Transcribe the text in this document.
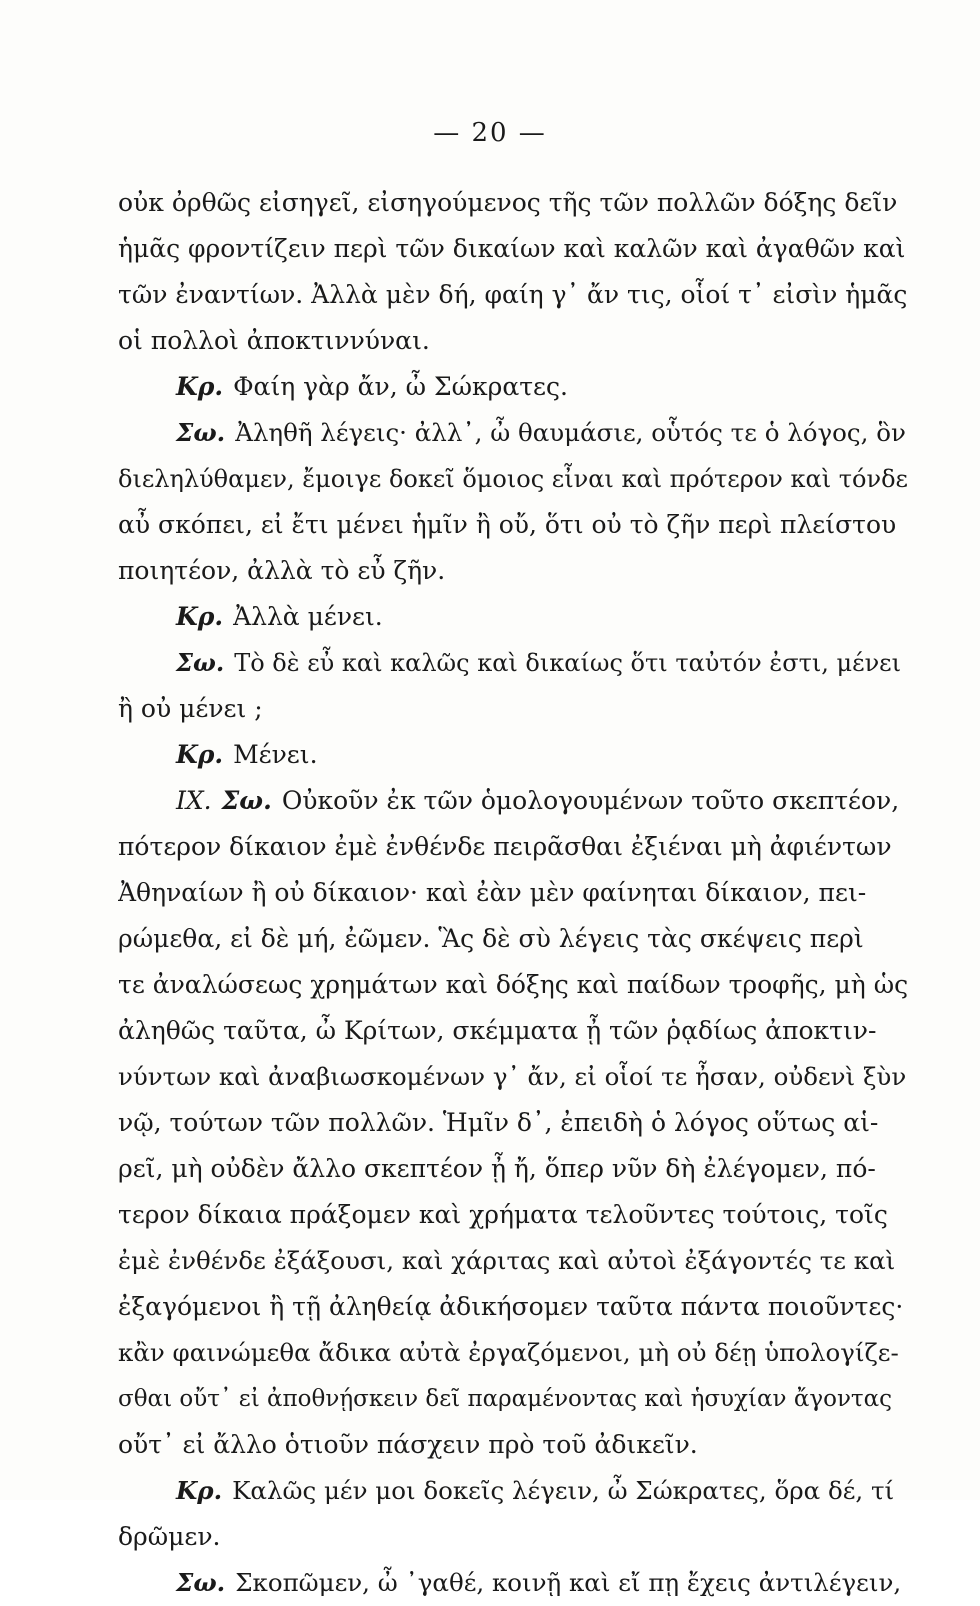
— 20 —
οὐκ ὀρθῶς εἰσηγεῖ, εἰσηγούμενος τῆς τῶν πολλῶν δόξης δεῖν
ἡμᾶς φροντίζειν περὶ τῶν δικαίων καὶ καλῶν καὶ ἀγαθῶν καὶ
τῶν ἐναντίων. Ἀλλὰ μὲν δή, φαίη γ᾽ ἄν τις, οἷοί τ᾽ εἰσὶν ἡμᾶς
οἱ πολλοὶ ἀποκτιννύναι.
Κρ. Φαίη γὰρ ἄν, ὦ Σώκρατες.
Σω. Ἀληθῆ λέγεις· ἀλλ᾽, ὦ θαυμάσιε, οὗτός τε ὁ λόγος, ὃν
διεληλύθαμεν, ἔμοιγε δοκεῖ ὅμοιος εἶναι καὶ πρότερον καὶ τόνδε
αὖ σκόπει, εἰ ἔτι μένει ἡμῖν ἢ οὔ, ὅτι οὐ τὸ ζῆν περὶ πλείστου
ποιητέον, ἀλλὰ τὸ εὖ ζῆν.
Κρ. Ἀλλὰ μένει.
Σω. Τὸ δὲ εὖ καὶ καλῶς καὶ δικαίως ὅτι ταὐτόν ἐστι, μένει
ἢ οὐ μένει ;
Κρ. Μένει.
IX. Σω. Οὐκοῦν ἐκ τῶν ὁμολογουμένων τοῦτο σκεπτέον,
πότερον δίκαιον ἐμὲ ἐνθένδε πειρᾶσθαι ἐξιέναι μὴ ἀφιέντων
Ἀθηναίων ἢ οὐ δίκαιον· καὶ ἐὰν μὲν φαίνηται δίκαιον, πει-
ρώμεθα, εἰ δὲ μή, ἐῶμεν. Ἃς δὲ σὺ λέγεις τὰς σκέψεις περὶ
τε ἀναλώσεως χρημάτων καὶ δόξης καὶ παίδων τροφῆς, μὴ ὡς
ἀληθῶς ταῦτα, ὦ Κρίτων, σκέμματα ᾖ τῶν ῥᾳδίως ἀποκτιν-
νύντων καὶ ἀναβιωσκομένων γ᾽ ἄν, εἰ οἷοί τε ἦσαν, οὐδενὶ ξὺν
νῷ, τούτων τῶν πολλῶν. Ἡμῖν δ᾽, ἐπειδὴ ὁ λόγος οὕτως αἱ-
ρεῖ, μὴ οὐδὲν ἄλλο σκεπτέον ᾖ ἤ, ὅπερ νῦν δὴ ἐλέγομεν, πό-
τερον δίκαια πράξομεν καὶ χρήματα τελοῦντες τούτοις, τοῖς
ἐμὲ ἐνθένδε ἐξάξουσι, καὶ χάριτας καὶ αὐτοὶ ἐξάγοντές τε καὶ
ἐξαγόμενοι ἢ τῇ ἀληθείᾳ ἀδικήσομεν ταῦτα πάντα ποιοῦντες·
κἂν φαινώμεθα ἄδικα αὐτὰ ἐργαζόμενοι, μὴ οὐ δέῃ ὑπολογίζε-
σθαι οὔτ᾽ εἰ ἀποθνῄσκειν δεῖ παραμένοντας καὶ ἡσυχίαν ἄγοντας
οὔτ᾽ εἰ ἄλλο ὁτιοῦν πάσχειν πρὸ τοῦ ἀδικεῖν.
Κρ. Καλῶς μέν μοι δοκεῖς λέγειν, ὦ Σώκρατες, ὅρα δέ, τί
δρῶμεν.
Σω. Σκοπῶμεν, ὦ ᾽γαθέ, κοινῇ καὶ εἴ πῃ ἔχεις ἀντιλέγειν,
